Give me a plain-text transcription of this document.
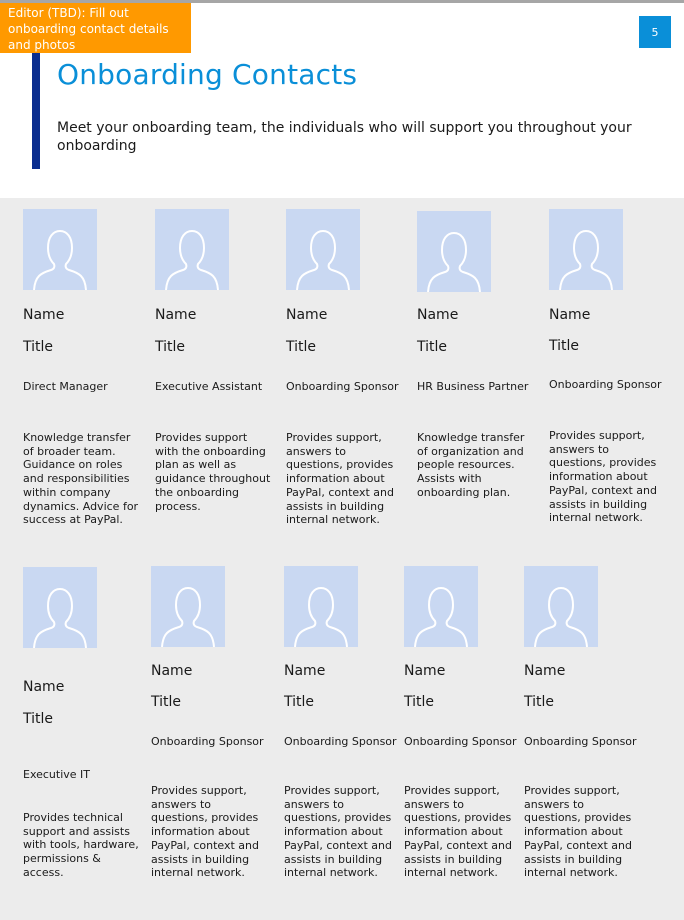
Editor (TBD): Fill out onboarding contact details and photos
5
Onboarding Contacts

Meet your onboarding team, the individuals who will support you throughout your onboarding

Name
Title
Direct Manager

Knowledge transfer of broader team. Guidance on roles and responsibilities within company dynamics. Advice for success at PayPal.

Name
Title
Executive Assistant

Provides support with the onboarding plan as well as guidance throughout the onboarding process.

Name
Title
Onboarding Sponsor

Provides support, answers to questions, provides information about PayPal, context and assists in building internal network.

Name
Title
HR Business Partner

Knowledge transfer of organization and people resources. Assists with onboarding plan.

Name
Title
Onboarding Sponsor

Provides support, answers to questions, provides information about PayPal, context and assists in building internal network.

Name
Title
Executive IT

Provides technical support and assists with tools, hardware, permissions & access.

Name
Title
Onboarding Sponsor

Provides support, answers to questions, provides information about PayPal, context and assists in building internal network.

Name
Title
Onboarding Sponsor

Provides support, answers to questions, provides information about PayPal, context and assists in building internal network.

Name
Title
Onboarding Sponsor

Provides support, answers to questions, provides information about PayPal, context and assists in building internal network.

Name
Title
Onboarding Sponsor

Provides support, answers to questions, provides information about PayPal, context and assists in building internal network.
